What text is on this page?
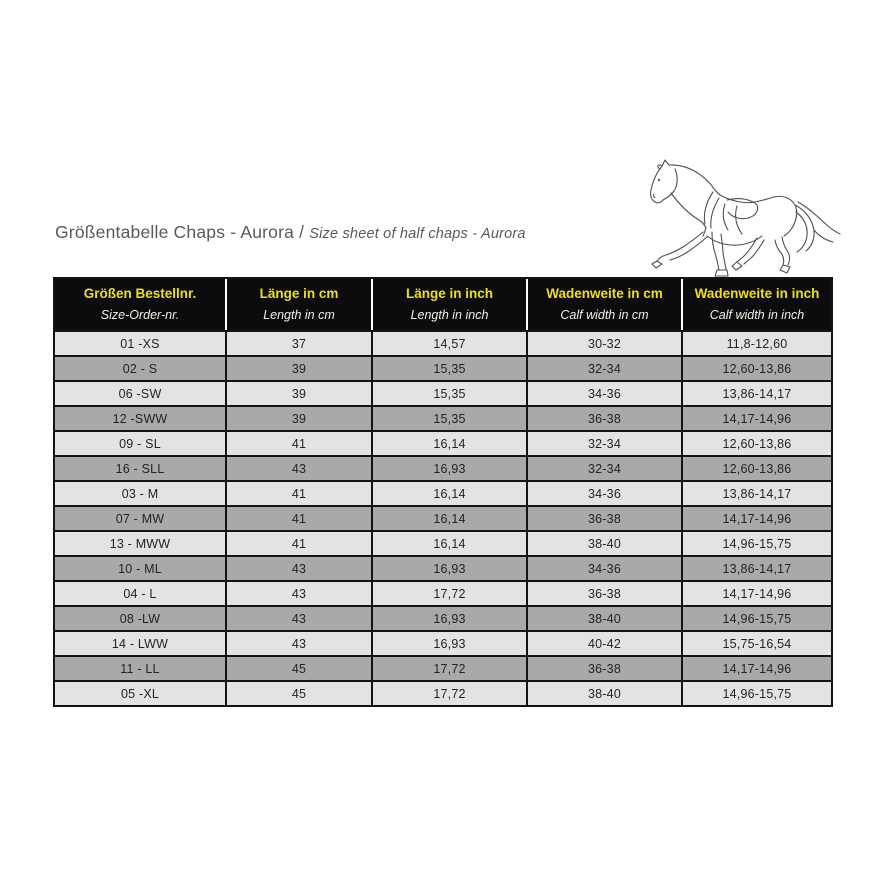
Größentabelle Chaps - Aurora / Size sheet of half chaps - Aurora
Größen Bestellnr.	Länge in cm	Länge in inch	Wadenweite in cm	Wadenweite in inch
Size-Order-nr.	Length in cm	Length in inch	Calf width in cm	Calf width in inch
01 -XS	37	14,57	30-32	11,8-12,60
02 - S	39	15,35	32-34	12,60-13,86
06 -SW	39	15,35	34-36	13,86-14,17
12 -SWW	39	15,35	36-38	14,17-14,96
09 - SL	41	16,14	32-34	12,60-13,86
16 - SLL	43	16,93	32-34	12,60-13,86
03 - M	41	16,14	34-36	13,86-14,17
07 - MW	41	16,14	36-38	14,17-14,96
13 - MWW	41	16,14	38-40	14,96-15,75
10 - ML	43	16,93	34-36	13,86-14,17
04 - L	43	17,72	36-38	14,17-14,96
08 -LW	43	16,93	38-40	14,96-15,75
14 - LWW	43	16,93	40-42	15,75-16,54
11 - LL	45	17,72	36-38	14,17-14,96
05 -XL	45	17,72	38-40	14,96-15,75
